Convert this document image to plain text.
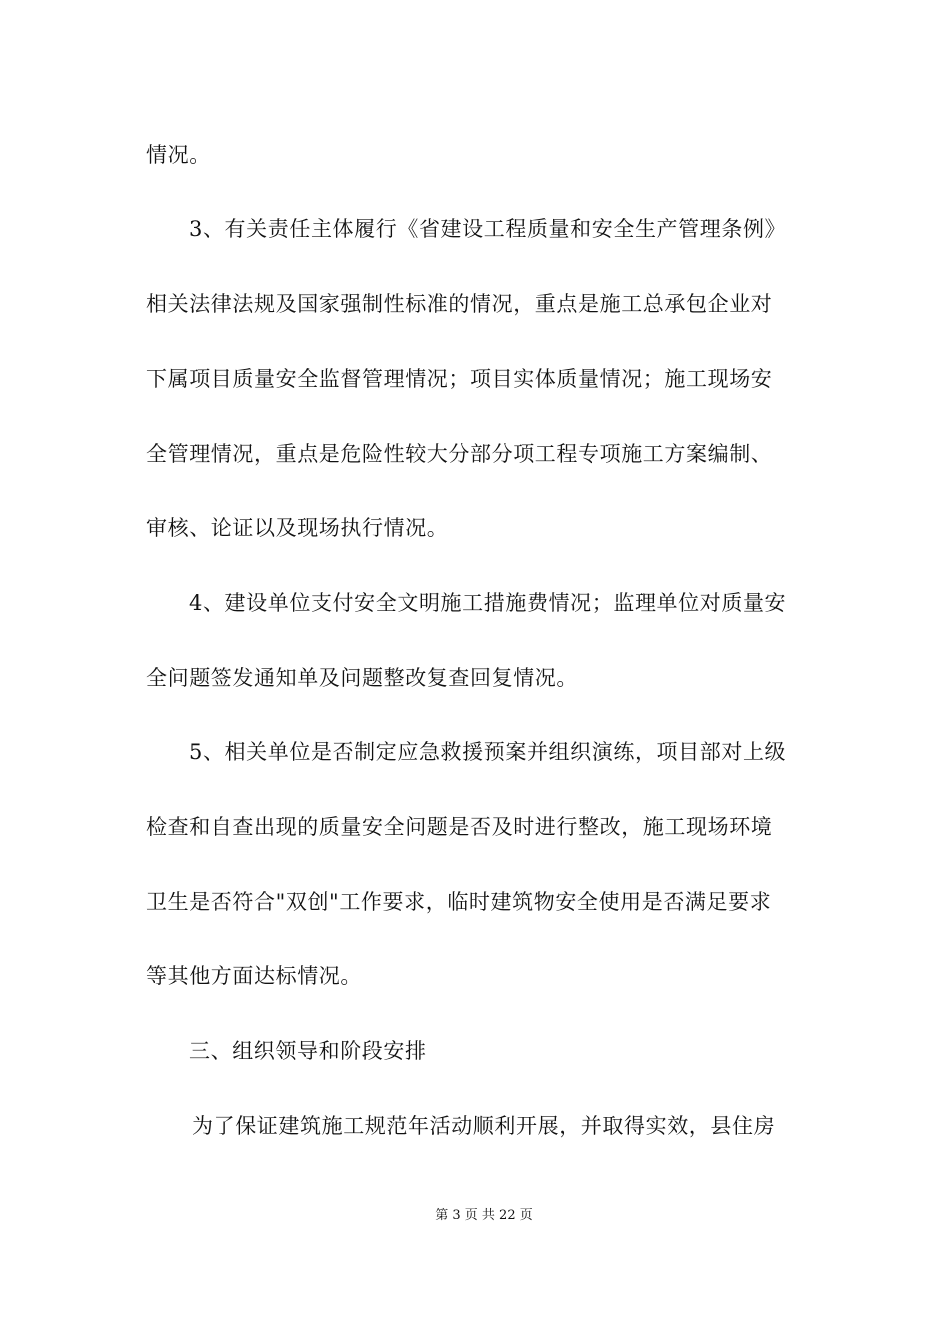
情况。
3、有关责任主体履行《省建设工程质量和安全生产管理条例》
相关法律法规及国家强制性标准的情况，重点是施工总承包企业对
下属项目质量安全监督管理情况；项目实体质量情况；施工现场安
全管理情况，重点是危险性较大分部分项工程专项施工方案编制、
审核、论证以及现场执行情况。
4、建设单位支付安全文明施工措施费情况；监理单位对质量安
全问题签发通知单及问题整改复查回复情况。
5、相关单位是否制定应急救援预案并组织演练，项目部对上级
检查和自查出现的质量安全问题是否及时进行整改，施工现场环境
卫生是否符合"双创"工作要求，临时建筑物安全使用是否满足要求
等其他方面达标情况。
三、组织领导和阶段安排
为了保证建筑施工规范年活动顺利开展，并取得实效，县住房
第 3 页 共 22 页
